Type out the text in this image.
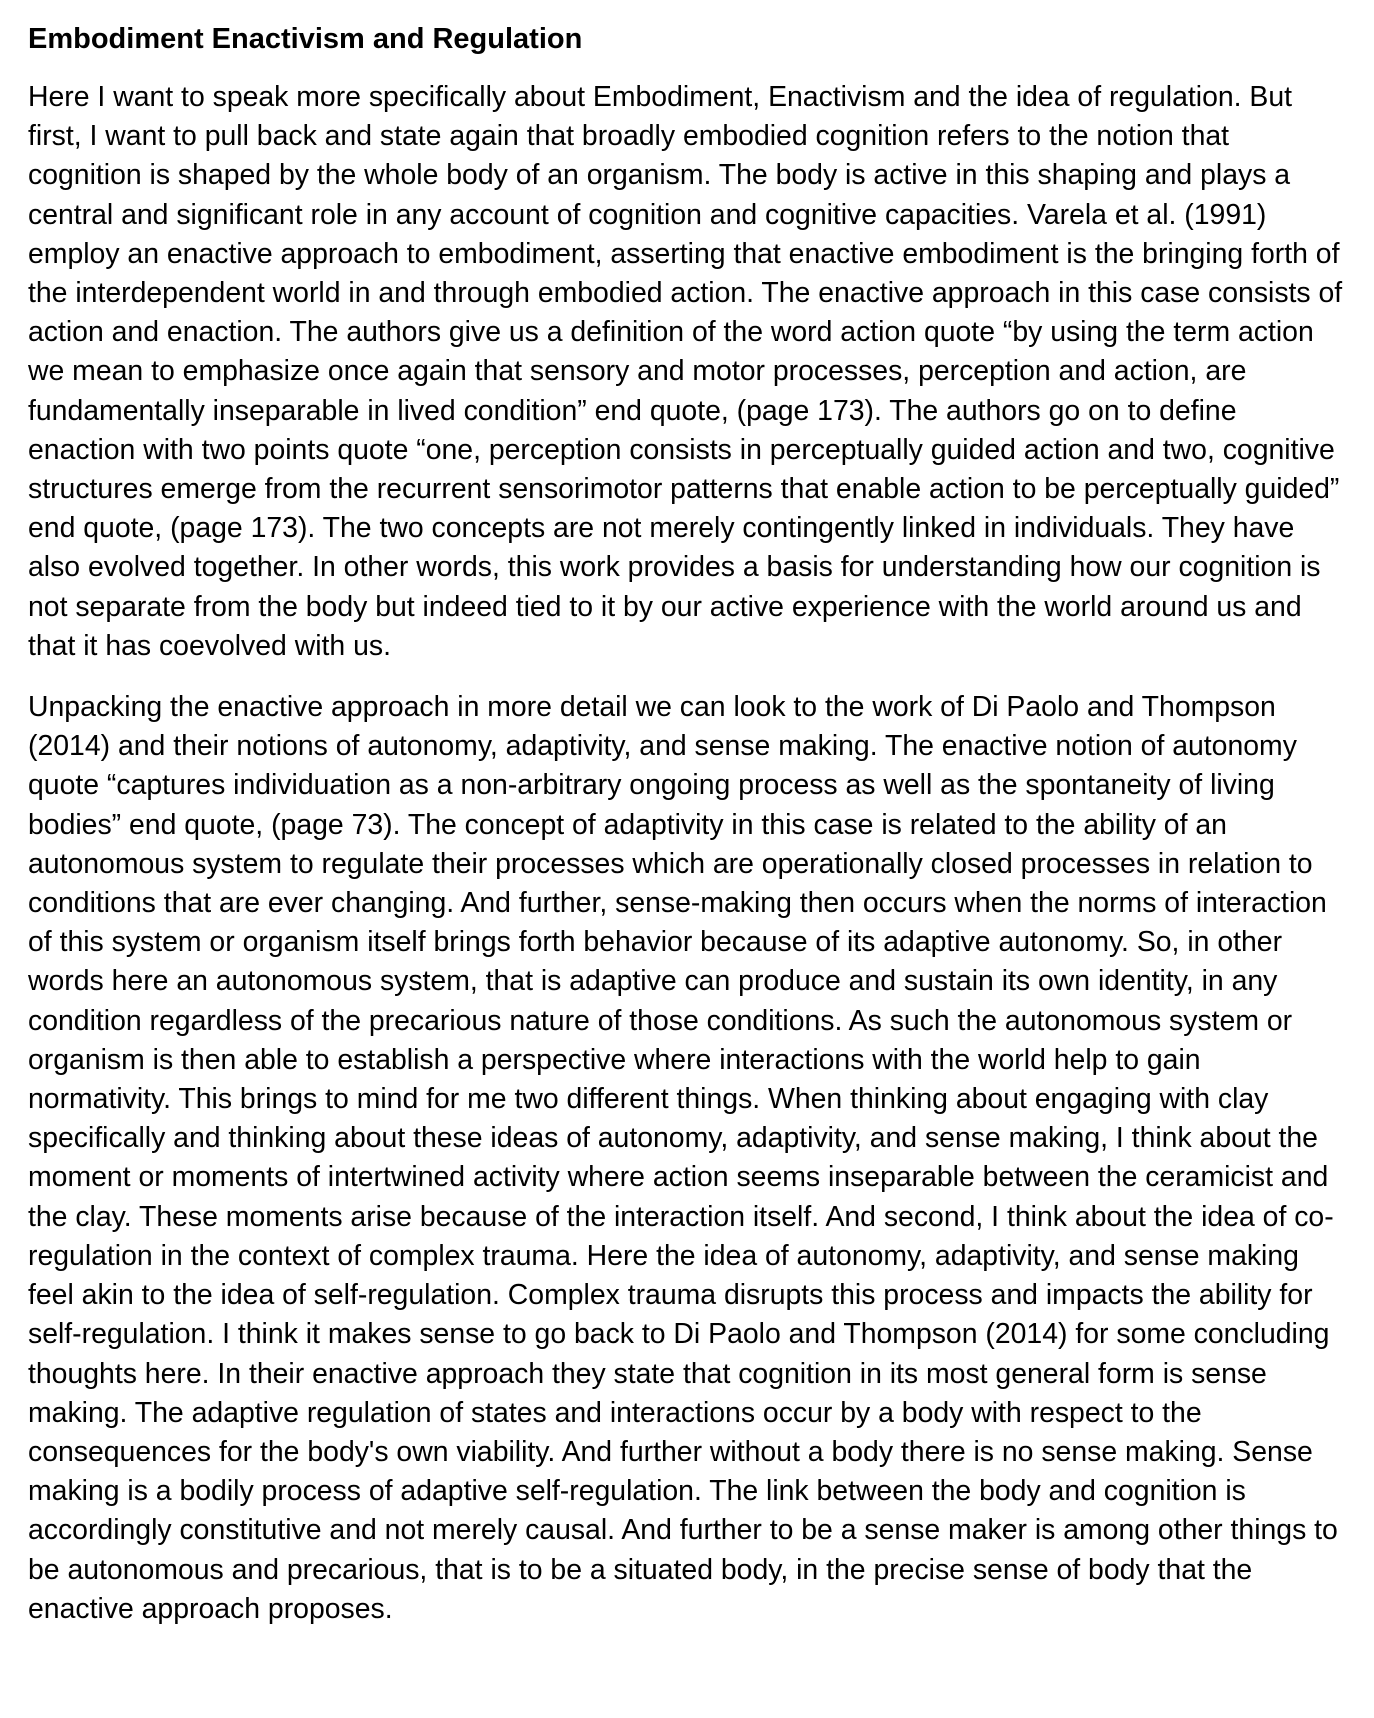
Embodiment Enactivism and Regulation

Here I want to speak more specifically about Embodiment, Enactivism and the idea of regulation. But first, I want to pull back and state again that broadly embodied cognition refers to the notion that cognition is shaped by the whole body of an organism. The body is active in this shaping and plays a central and significant role in any account of cognition and cognitive capacities. Varela et al. (1991) employ an enactive approach to embodiment, asserting that enactive embodiment is the bringing forth of the interdependent world in and through embodied action. The enactive approach in this case consists of action and enaction. The authors give us a definition of the word action quote “by using the term action we mean to emphasize once again that sensory and motor processes, perception and action, are fundamentally inseparable in lived condition” end quote, (page 173). The authors go on to define enaction with two points quote “one, perception consists in perceptually guided action and two, cognitive structures emerge from the recurrent sensorimotor patterns that enable action to be perceptually guided” end quote, (page 173). The two concepts are not merely contingently linked in individuals. They have also evolved together. In other words, this work provides a basis for understanding how our cognition is not separate from the body but indeed tied to it by our active experience with the world around us and that it has coevolved with us.

Unpacking the enactive approach in more detail we can look to the work of Di Paolo and Thompson (2014) and their notions of autonomy, adaptivity, and sense making. The enactive notion of autonomy quote “captures individuation as a non-arbitrary ongoing process as well as the spontaneity of living bodies” end quote, (page 73). The concept of adaptivity in this case is related to the ability of an autonomous system to regulate their processes which are operationally closed processes in relation to conditions that are ever changing. And further, sense-making then occurs when the norms of interaction of this system or organism itself brings forth behavior because of its adaptive autonomy. So, in other words here an autonomous system, that is adaptive can produce and sustain its own identity, in any condition regardless of the precarious nature of those conditions. As such the autonomous system or organism is then able to establish a perspective where interactions with the world help to gain normativity. This brings to mind for me two different things. When thinking about engaging with clay specifically and thinking about these ideas of autonomy, adaptivity, and sense making, I think about the moment or moments of intertwined activity where action seems inseparable between the ceramicist and the clay. These moments arise because of the interaction itself. And second, I think about the idea of co-regulation in the context of complex trauma. Here the idea of autonomy, adaptivity, and sense making feel akin to the idea of self-regulation. Complex trauma disrupts this process and impacts the ability for self-regulation. I think it makes sense to go back to Di Paolo and Thompson (2014) for some concluding thoughts here. In their enactive approach they state that cognition in its most general form is sense making. The adaptive regulation of states and interactions occur by a body with respect to the consequences for the body's own viability. And further without a body there is no sense making. Sense making is a bodily process of adaptive self-regulation. The link between the body and cognition is accordingly constitutive and not merely causal. And further to be a sense maker is among other things to be autonomous and precarious, that is to be a situated body, in the precise sense of body that the enactive approach proposes.
